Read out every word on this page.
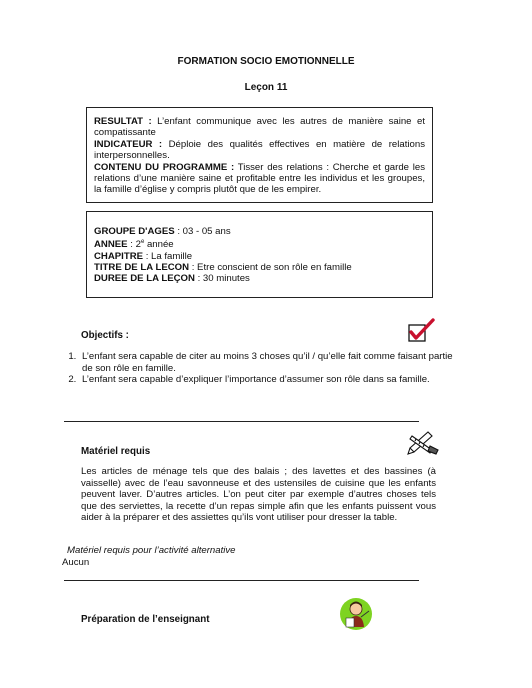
FORMATION SOCIO EMOTIONNELLE
Leçon 11

RESULTAT : L’enfant communique avec les autres de manière saine et compatissante

INDICATEUR : Déploie des qualités effectives en matière de relations interpersonnelles.

CONTENU DU PROGRAMME : Tisser des relations : Cherche et garde les relations d’une manière saine et profitable entre les individus et les groupes, la famille d’église y compris plutôt que de les empirer.

GROUPE D'AGES : 03 - 05 ans
ANNEE : 2e année
CHAPITRE : La famille
TITRE DE LA LECON : Etre conscient de son rôle en famille
DUREE DE LA LEÇON : 30 minutes
Objectifs :
1. L’enfant sera capable de citer au moins 3 choses qu’il / qu’elle fait comme faisant partie de son rôle en famille.
2. L’enfant sera capable d’expliquer l’importance d’assumer son rôle dans sa famille.
Matériel requis
Les articles de ménage tels que des balais ; des lavettes et des bassines (à vaisselle) avec de l’eau savonneuse et des ustensiles de cuisine que les enfants peuvent laver. D’autres articles. L’on peut citer par exemple d’autres choses tels que des serviettes, la recette d’un repas simple afin que les enfants puissent vous aider à la préparer et des assiettes qu’ils vont utiliser pour dresser la table.
Matériel requis pour l’activité alternative
Aucun
Préparation de l’enseignant
